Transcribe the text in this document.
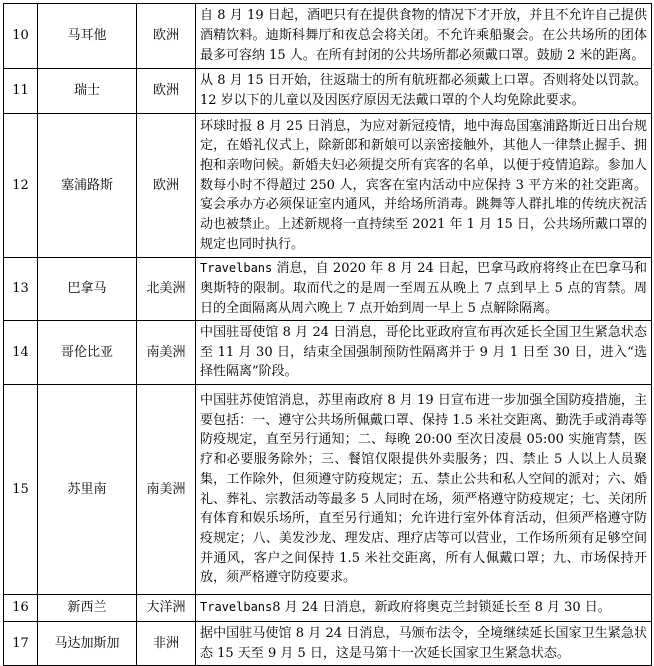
10	马耳他	欧洲	自 8 月 19 日起，酒吧只有在提供食物的情况下才开放，并且不允许自己提供酒精饮料。迪斯科舞厅和夜总会将关闭。不允许乘船聚会。在公共场所的团体最多可容纳 15 人。在所有封闭的公共场所都必须戴口罩。鼓励 2 米的距离。
11	瑞士	欧洲	从 8 月 15 日开始，往返瑞士的所有航班都必须戴上口罩。否则将处以罚款。12 岁以下的儿童以及因医疗原因无法戴口罩的个人均免除此要求。
12	塞浦路斯	欧洲	环球时报 8 月 25 日消息，为应对新冠疫情，地中海岛国塞浦路斯近日出台规定，在婚礼仪式上，除新郎和新娘可以亲密接触外，其他人一律禁止握手、拥抱和亲吻问候。新婚夫妇必须提交所有宾客的名单，以便于疫情追踪。参加人数每小时不得超过 250 人，宾客在室内活动中应保持 3 平方米的社交距离。宴会承办方必须保证室内通风，并给场所消毒。跳舞等人群扎堆的传统庆祝活动也被禁止。上述新规将一直持续至 2021 年 1 月 15 日，公共场所戴口罩的规定也同时执行。
13	巴拿马	北美洲	Travelbans 消息，自 2020 年 8 月 24 日起，巴拿马政府将终止在巴拿马和奥斯特的限制。取而代之的是周一至周五从晚上 7 点到早上 5 点的宵禁。周日的全面隔离从周六晚上 7 点开始到周一早上 5 点解除隔离。
14	哥伦比亚	南美洲	中国驻哥使馆 8 月 24 日消息，哥伦比亚政府宣布再次延长全国卫生紧急状态至 11 月 30 日，结束全国强制预防性隔离并于 9 月 1 日至 30 日，进入“选择性隔离”阶段。
15	苏里南	南美洲	中国驻苏使馆消息，苏里南政府 8 月 19 日宣布进一步加强全国防疫措施，主要包括：一、遵守公共场所佩戴口罩、保持 1.5 米社交距离、勤洗手或消毒等防疫规定，直至另行通知；二、每晚 20:00 至次日凌晨 05:00 实施宵禁，医疗和必要服务除外；三、餐馆仅限提供外卖服务；四、禁止 5 人以上人员聚集，工作除外，但须遵守防疫规定；五、禁止公共和私人空间的派对；六、婚礼、葬礼、宗教活动等最多 5 人同时在场，须严格遵守防疫规定；七、关闭所有体育和娱乐场所，直至另行通知；允许进行室外体育活动，但须严格遵守防疫规定；八、美发沙龙、理发店、理疗店等可以营业，工作场所须有足够空间并通风，客户之间保持 1.5 米社交距离，所有人佩戴口罩；九、市场保持开放，须严格遵守防疫要求。
16	新西兰	大洋洲	Travelbans8 月 24 日消息，新政府将奥克兰封锁延长至 8 月 30 日。
17	马达加斯加	非洲	据中国驻马使馆 8 月 24 日消息，马颁布法令，全境继续延长国家卫生紧急状态 15 天至 9 月 5 日，这是马第十一次延长国家卫生紧急状态。
